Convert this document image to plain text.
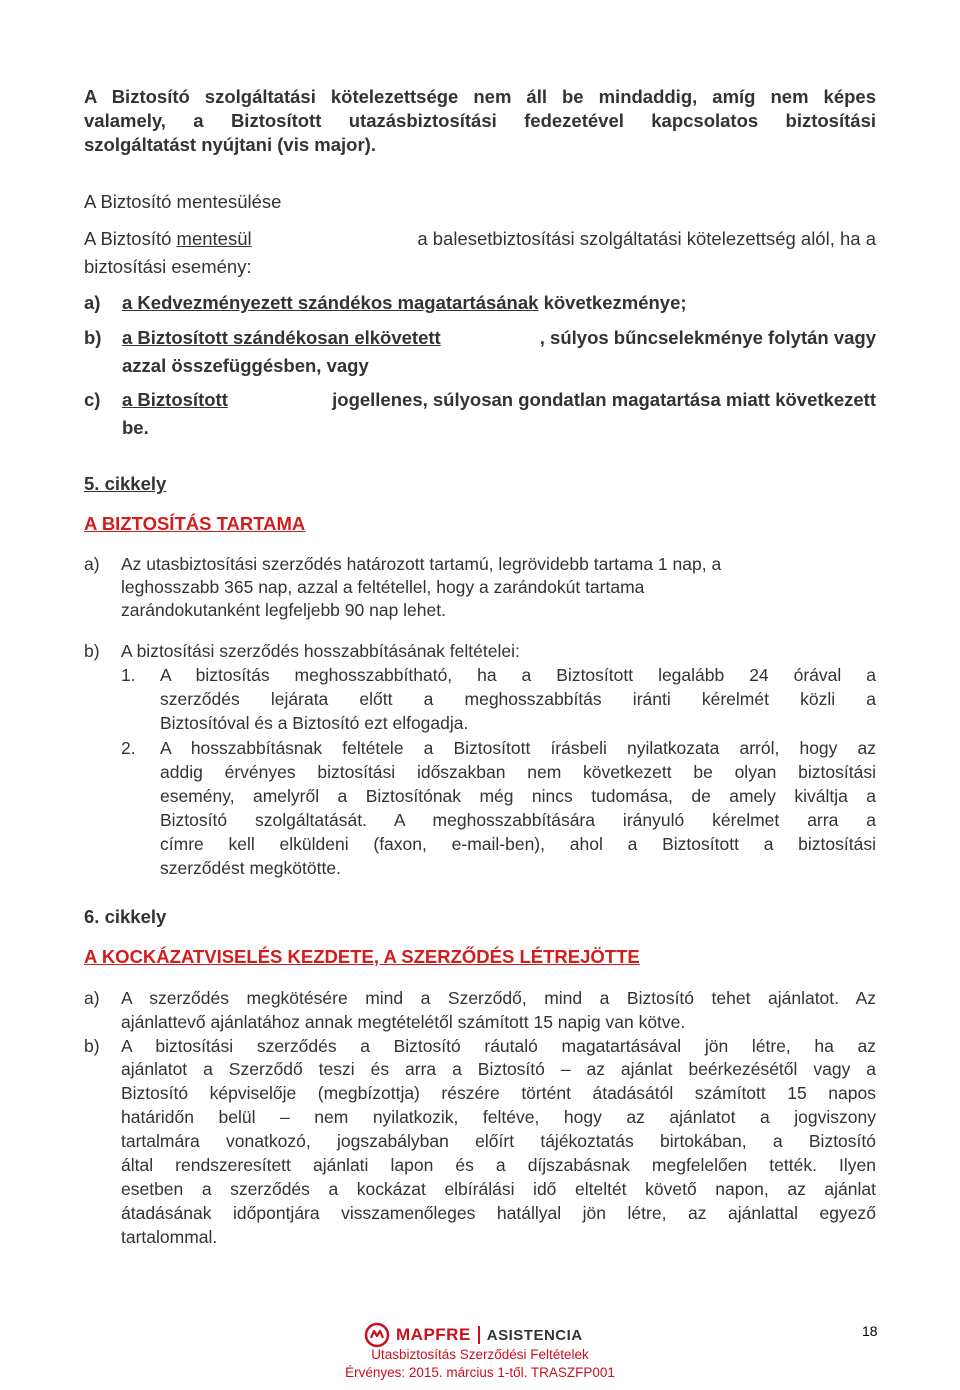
A Biztosító szolgáltatási kötelezettsége nem áll be mindaddig, amíg nem képes
valamely, a Biztosított utazásbiztosítási fedezetével kapcsolatos biztosítási
szolgáltatást nyújtani (vis major).
A Biztosító mentesülése
A Biztosító mentesül	a balesetbiztosítási szolgáltatási kötelezettség alól, ha a
biztosítási esemény:
a) a Kedvezményezett szándékos magatartásának következménye;
b) a Biztosított szándékosan elkövetett	, súlyos bűncselekménye folytán vagy
azzal összefüggésben, vagy
c) a Biztosított	jogellenes, súlyosan gondatlan magatartása miatt következett
be.
5. cikkely
A BIZTOSÍTÁS TARTAMA
a) Az utasbiztosítási szerződés határozott tartamú, legrövidebb tartama 1 nap, a
leghosszabb 365 nap, azzal a feltétellel, hogy a zarándokút tartama
zarándokutanként legfeljebb 90 nap lehet.
b) A biztosítási szerződés hosszabbításának feltételei:
1. A biztosítás meghosszabbítható, ha a Biztosított legalább 24 órával a
szerződés lejárata előtt a meghosszabbítás iránti kérelmét közli a
Biztosítóval és a Biztosító ezt elfogadja.
2. A hosszabbításnak feltétele a Biztosított írásbeli nyilatkozata arról, hogy az
addig érvényes biztosítási időszakban nem következett be olyan biztosítási
esemény, amelyről a Biztosítónak még nincs tudomása, de amely kiváltja a
Biztosító szolgáltatását. A meghosszabbítására irányuló kérelmet arra a
címre kell elküldeni (faxon, e-mail-ben), ahol a Biztosított a biztosítási
szerződést megkötötte.
6. cikkely
A KOCKÁZATVISELÉS KEZDETE, A SZERZŐDÉS LÉTREJÖTTE
a) A szerződés megkötésére mind a Szerződő, mind a Biztosító tehet ajánlatot. Az
ajánlattevő ajánlatához annak megtételétől számított 15 napig van kötve.
b) A biztosítási szerződés a Biztosító ráutaló magatartásával jön létre, ha az
ajánlatot a Szerződő teszi és arra a Biztosító – az ajánlat beérkezésétől vagy a
Biztosító képviselője (megbízottja) részére történt átadásától számított 15 napos
határidőn belül – nem nyilatkozik, feltéve, hogy az ajánlatot a jogviszony
tartalmára vonatkozó, jogszabályban előírt tájékoztatás birtokában, a Biztosító
által rendszeresített ajánlati lapon és a díjszabásnak megfelelően tették. Ilyen
esetben a szerződés a kockázat elbírálási idő elteltét követő napon, az ajánlat
átadásának időpontjára visszamenőleges hatállyal jön létre, az ajánlattal egyező
tartalommal.
MAPFRE ASISTENCIA
Utasbiztosítás Szerződési Feltételek
Érvényes: 2015. március 1-től. TRASZFP001
18
